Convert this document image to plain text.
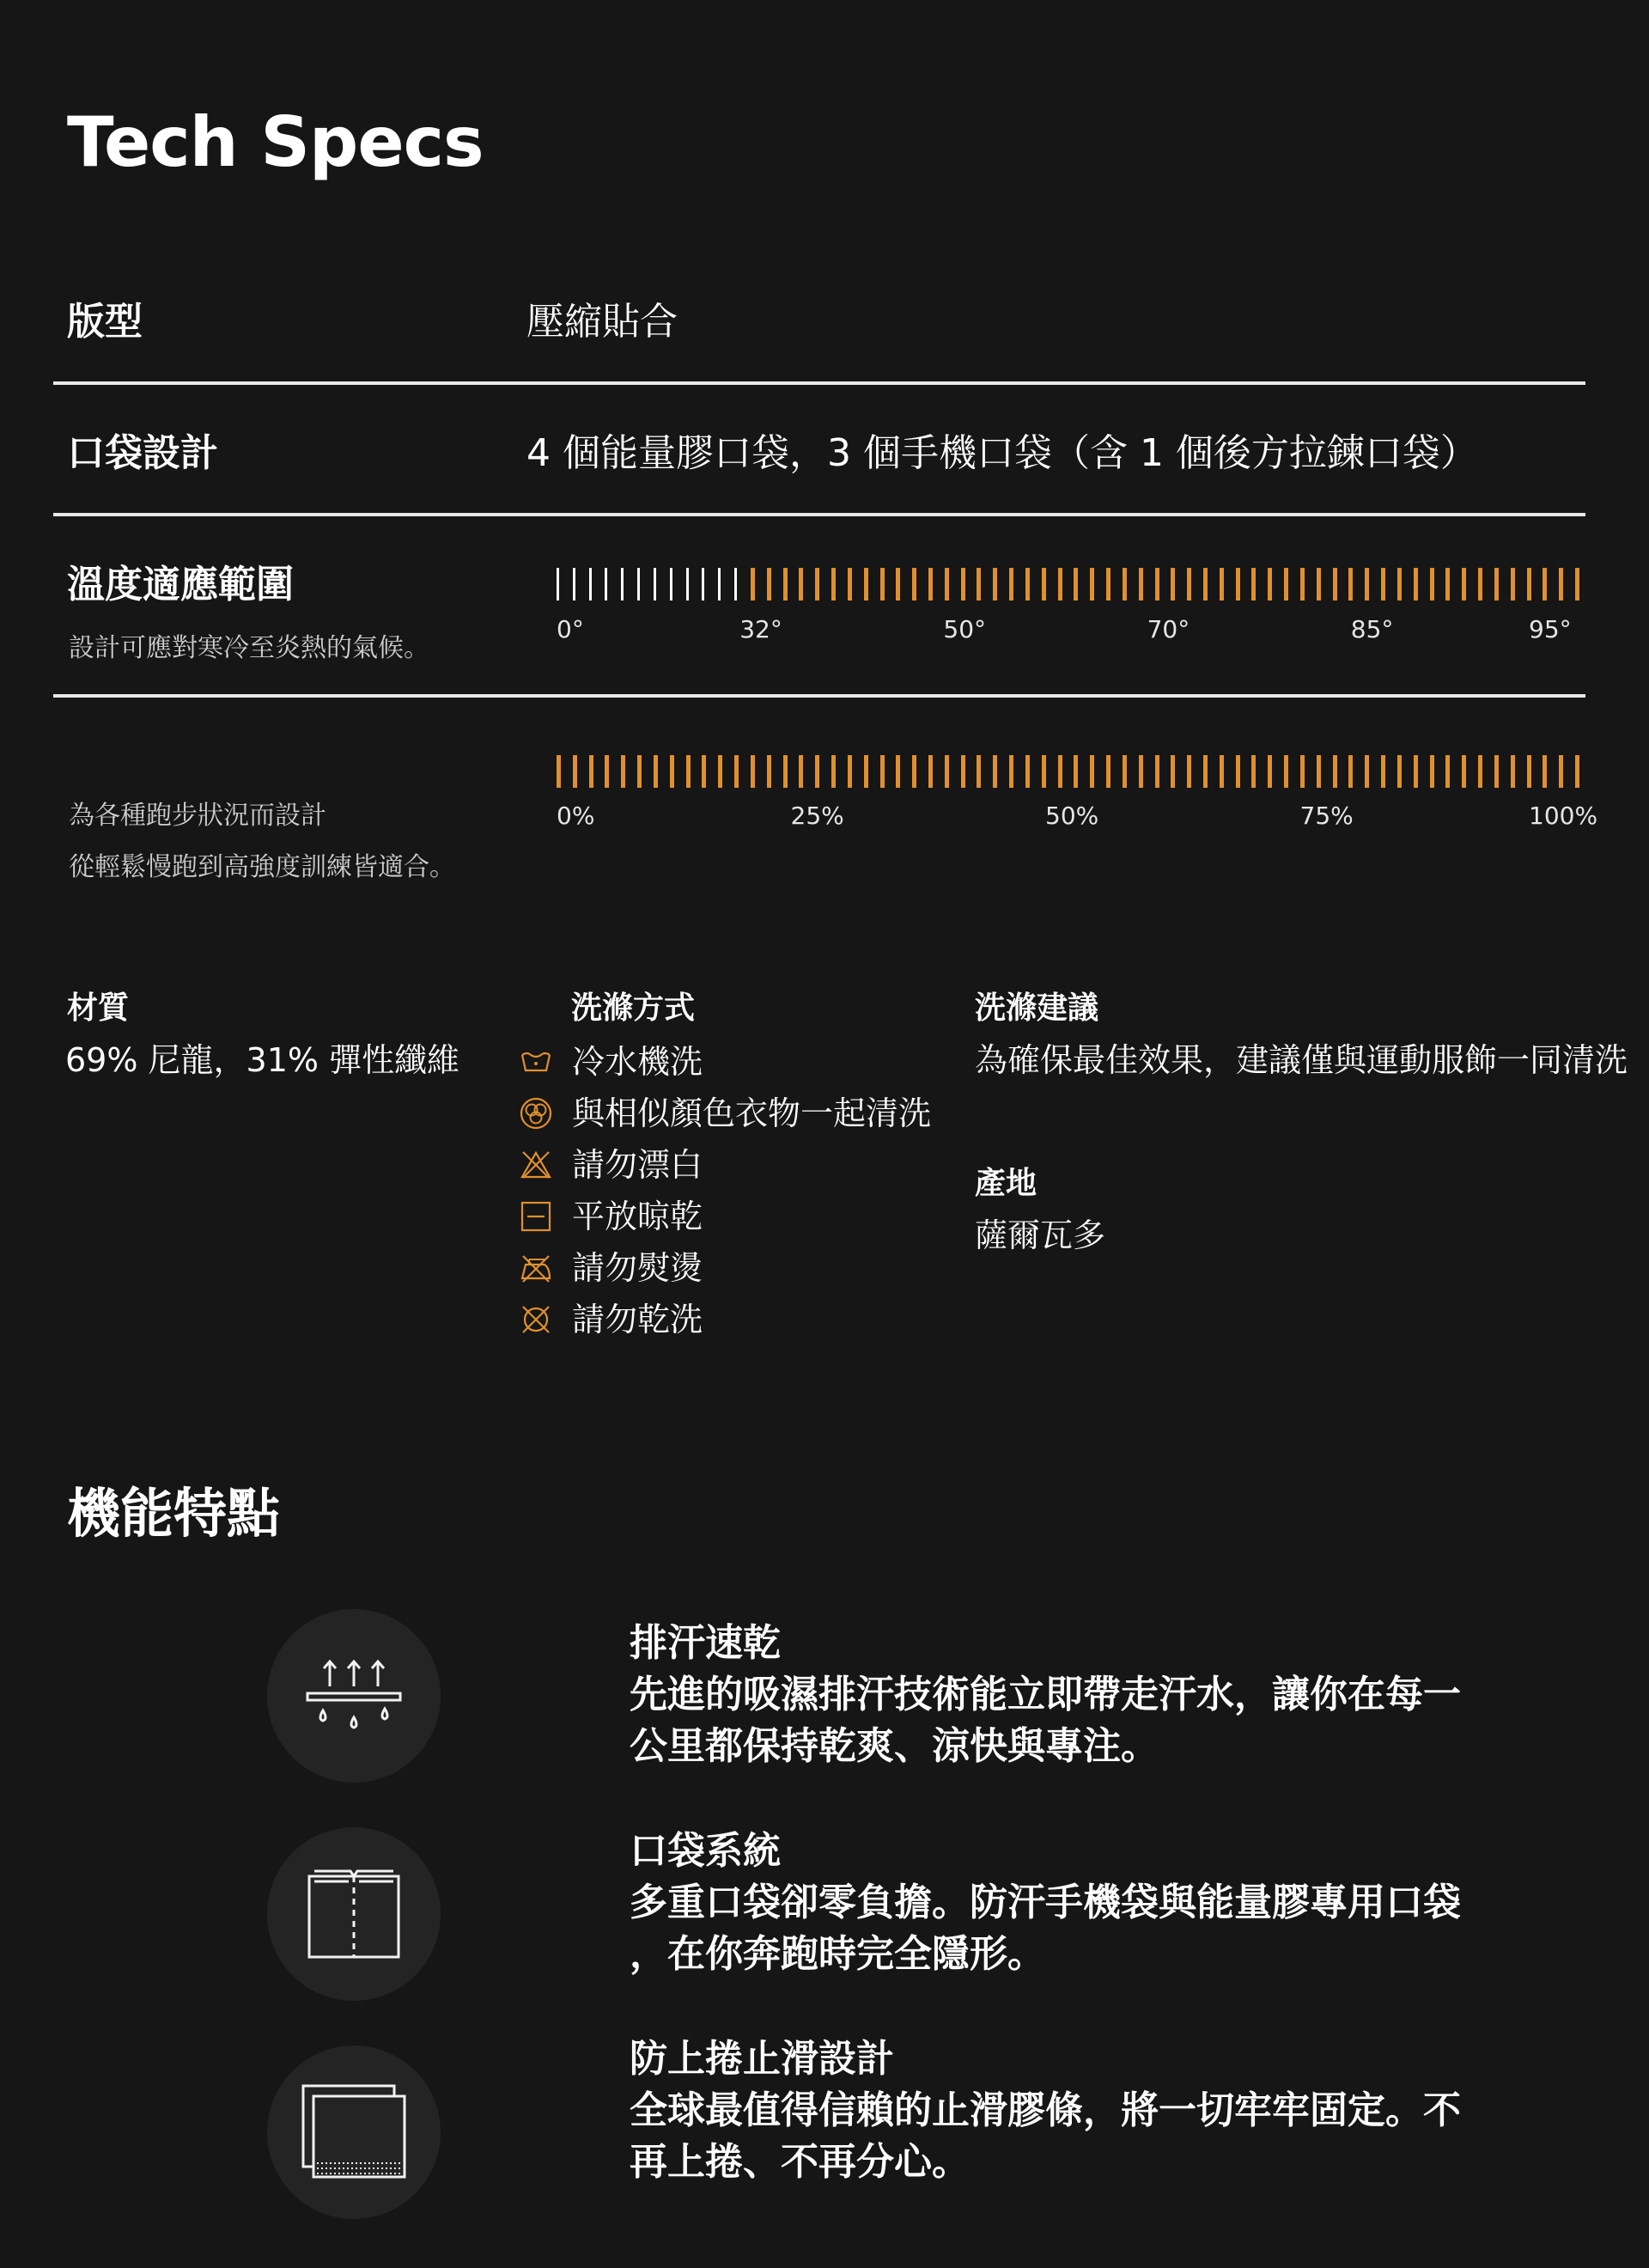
Tech Specs
版型	壓縮貼合
口袋設計	4 個能量膠口袋，3 個手機口袋（含 1 個後方拉鍊口袋）
溫度適應範圍
設計可應對寒冷至炎熱的氣候。
0°	32°	50°	70°	85°	95°
為各種跑步狀況而設計
從輕鬆慢跑到高強度訓練皆適合。
0%	25%	50%	75%	100%
材質
69% 尼龍，31% 彈性纖維
洗滌方式
冷水機洗
與相似顏色衣物一起清洗
請勿漂白
平放晾乾
請勿熨燙
請勿乾洗
洗滌建議
為確保最佳效果，建議僅與運動服飾一同清洗
產地
薩爾瓦多
機能特點
排汗速乾
先進的吸濕排汗技術能立即帶走汗水，讓你在每一
公里都保持乾爽、涼快與專注。
口袋系統
多重口袋卻零負擔。防汗手機袋與能量膠專用口袋
，在你奔跑時完全隱形。
防上捲止滑設計
全球最值得信賴的止滑膠條，將一切牢牢固定。不
再上捲、不再分心。
